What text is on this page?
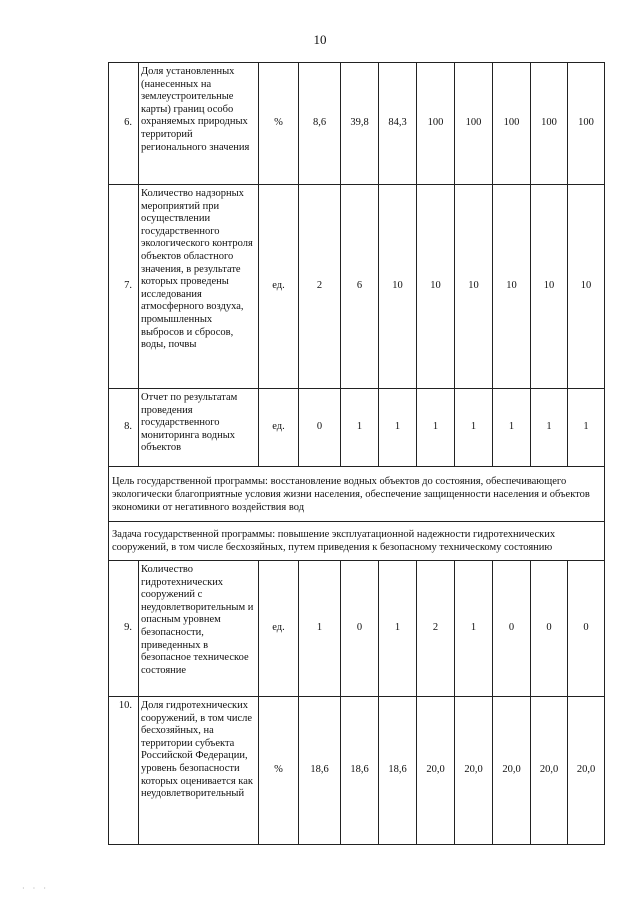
10
6.	Доля установленных (нанесенных на землеустроительные карты) границ особо охраняемых природных территорий регионального значения	%	8,6	39,8	84,3	100	100	100	100	100
7.	Количество надзорных мероприятий при осуществлении государственного экологического контроля объектов областного значения, в результате которых проведены исследования атмосферного воздуха, промышленных выбросов и сбросов, воды, почвы	ед.	2	6	10	10	10	10	10	10
8.	Отчет по результатам проведения государственного мониторинга водных объектов	ед.	0	1	1	1	1	1	1	1
Цель государственной программы: восстановление водных объектов до состояния, обеспечивающего экологически благоприятные условия жизни населения, обеспечение защищенности населения и объектов экономики от негативного воздействия вод										
Задача государственной программы: повышение эксплуатационной надежности гидротехнических сооружений, в том числе бесхозяйных, путем приведения к безопасному техническому состоянию										
9.	Количество гидротехнических сооружений с неудовлетворительным и опасным уровнем безопасности, приведенных в безопасное техническое состояние	ед.	1	0	1	2	1	0	0	0
10.	Доля гидротехнических сооружений, в том числе бесхозяйных, на территории субъекта Российской Федерации, уровень безопасности которых оценивается как неудовлетворительный	%	18,6	18,6	18,6	20,0	20,0	20,0	20,0	20,0
· · ·
